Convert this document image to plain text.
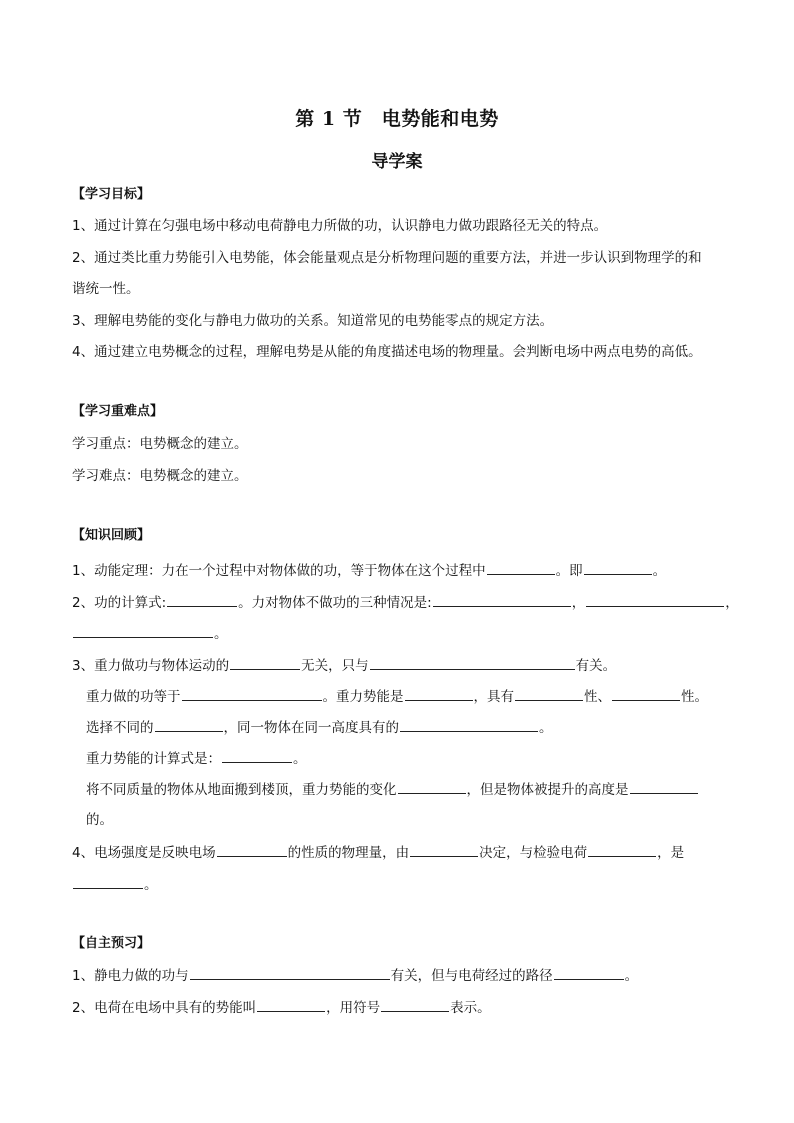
第 1 节　电势能和电势
导学案
【学习目标】
1、通过计算在匀强电场中移动电荷静电力所做的功，认识静电力做功跟路径无关的特点。
2、通过类比重力势能引入电势能，体会能量观点是分析物理问题的重要方法，并进一步认识到物理学的和
谐统一性。
3、理解电势能的变化与静电力做功的关系。知道常见的电势能零点的规定方法。
4、通过建立电势概念的过程，理解电势是从能的角度描述电场的物理量。会判断电场中两点电势的高低。
【学习重难点】
学习重点：电势概念的建立。
学习难点：电势概念的建立。
【知识回顾】
1、动能定理：力在一个过程中对物体做的功，等于物体在这个过程中	。即	。
2、功的计算式:	。力对物体不做功的三种情况是:	，	，
。
3、重力做功与物体运动的	无关，只与	有关。
重力做的功等于	。重力势能是	，具有	性、	性。
选择不同的	，同一物体在同一高度具有的	。
重力势能的计算式是：	。
将不同质量的物体从地面搬到楼顶，重力势能的变化	，但是物体被提升的高度是
的。
4、电场强度是反映电场	的性质的物理量，由	决定，与检验电荷	，是
。
【自主预习】
1、静电力做的功与	有关，但与电荷经过的路径	。
2、电荷在电场中具有的势能叫	，用符号	表示。
